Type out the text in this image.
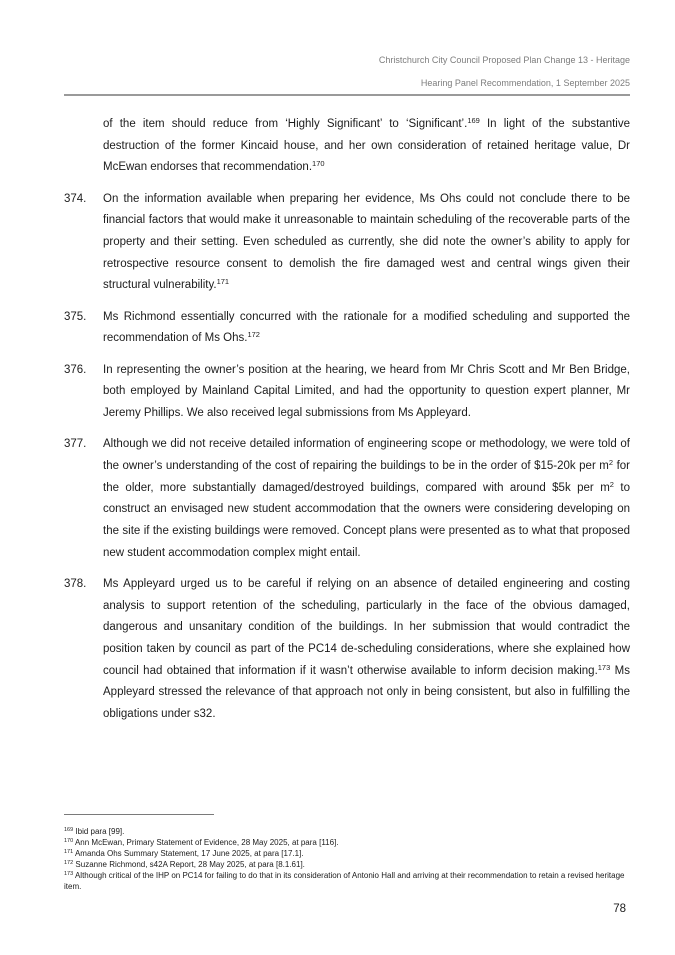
Christchurch City Council Proposed Plan Change 13 - Heritage
Hearing Panel Recommendation, 1 September 2025
of the item should reduce from ‘Highly Significant’ to ‘Significant’.$^{169}$ In light of the substantive destruction of the former Kincaid house, and her own consideration of retained heritage value, Dr McEwan endorses that recommendation.$^{170}$
374.	On the information available when preparing her evidence, Ms Ohs could not conclude there to be financial factors that would make it unreasonable to maintain scheduling of the recoverable parts of the property and their setting. Even scheduled as currently, she did note the owner’s ability to apply for retrospective resource consent to demolish the fire damaged west and central wings given their structural vulnerability.$^{171}$
375.	Ms Richmond essentially concurred with the rationale for a modified scheduling and supported the recommendation of Ms Ohs.$^{172}$
376.	In representing the owner’s position at the hearing, we heard from Mr Chris Scott and Mr Ben Bridge, both employed by Mainland Capital Limited, and had the opportunity to question expert planner, Mr Jeremy Phillips. We also received legal submissions from Ms Appleyard.
377.	Although we did not receive detailed information of engineering scope or methodology, we were told of the owner’s understanding of the cost of repairing the buildings to be in the order of $15-20k per m$^2$ for the older, more substantially damaged/destroyed buildings, compared with around $5k per m$^2$ to construct an envisaged new student accommodation that the owners were considering developing on the site if the existing buildings were removed. Concept plans were presented as to what that proposed new student accommodation complex might entail.
378.	Ms Appleyard urged us to be careful if relying on an absence of detailed engineering and costing analysis to support retention of the scheduling, particularly in the face of the obvious damaged, dangerous and unsanitary condition of the buildings. In her submission that would contradict the position taken by council as part of the PC14 de-scheduling considerations, where she explained how council had obtained that information if it wasn’t otherwise available to inform decision making.$^{173}$ Ms Appleyard stressed the relevance of that approach not only in being consistent, but also in fulfilling the obligations under s32.
$^{169}$ Ibid para [99].
$^{170}$ Ann McEwan, Primary Statement of Evidence, 28 May 2025, at para [116].
$^{171}$ Amanda Ohs Summary Statement, 17 June 2025, at para [17.1].
$^{172}$ Suzanne Richmond, s42A Report, 28 May 2025, at para [8.1.61].
$^{173}$ Although critical of the IHP on PC14 for failing to do that in its consideration of Antonio Hall and arriving at their recommendation to retain a revised heritage item.
78
